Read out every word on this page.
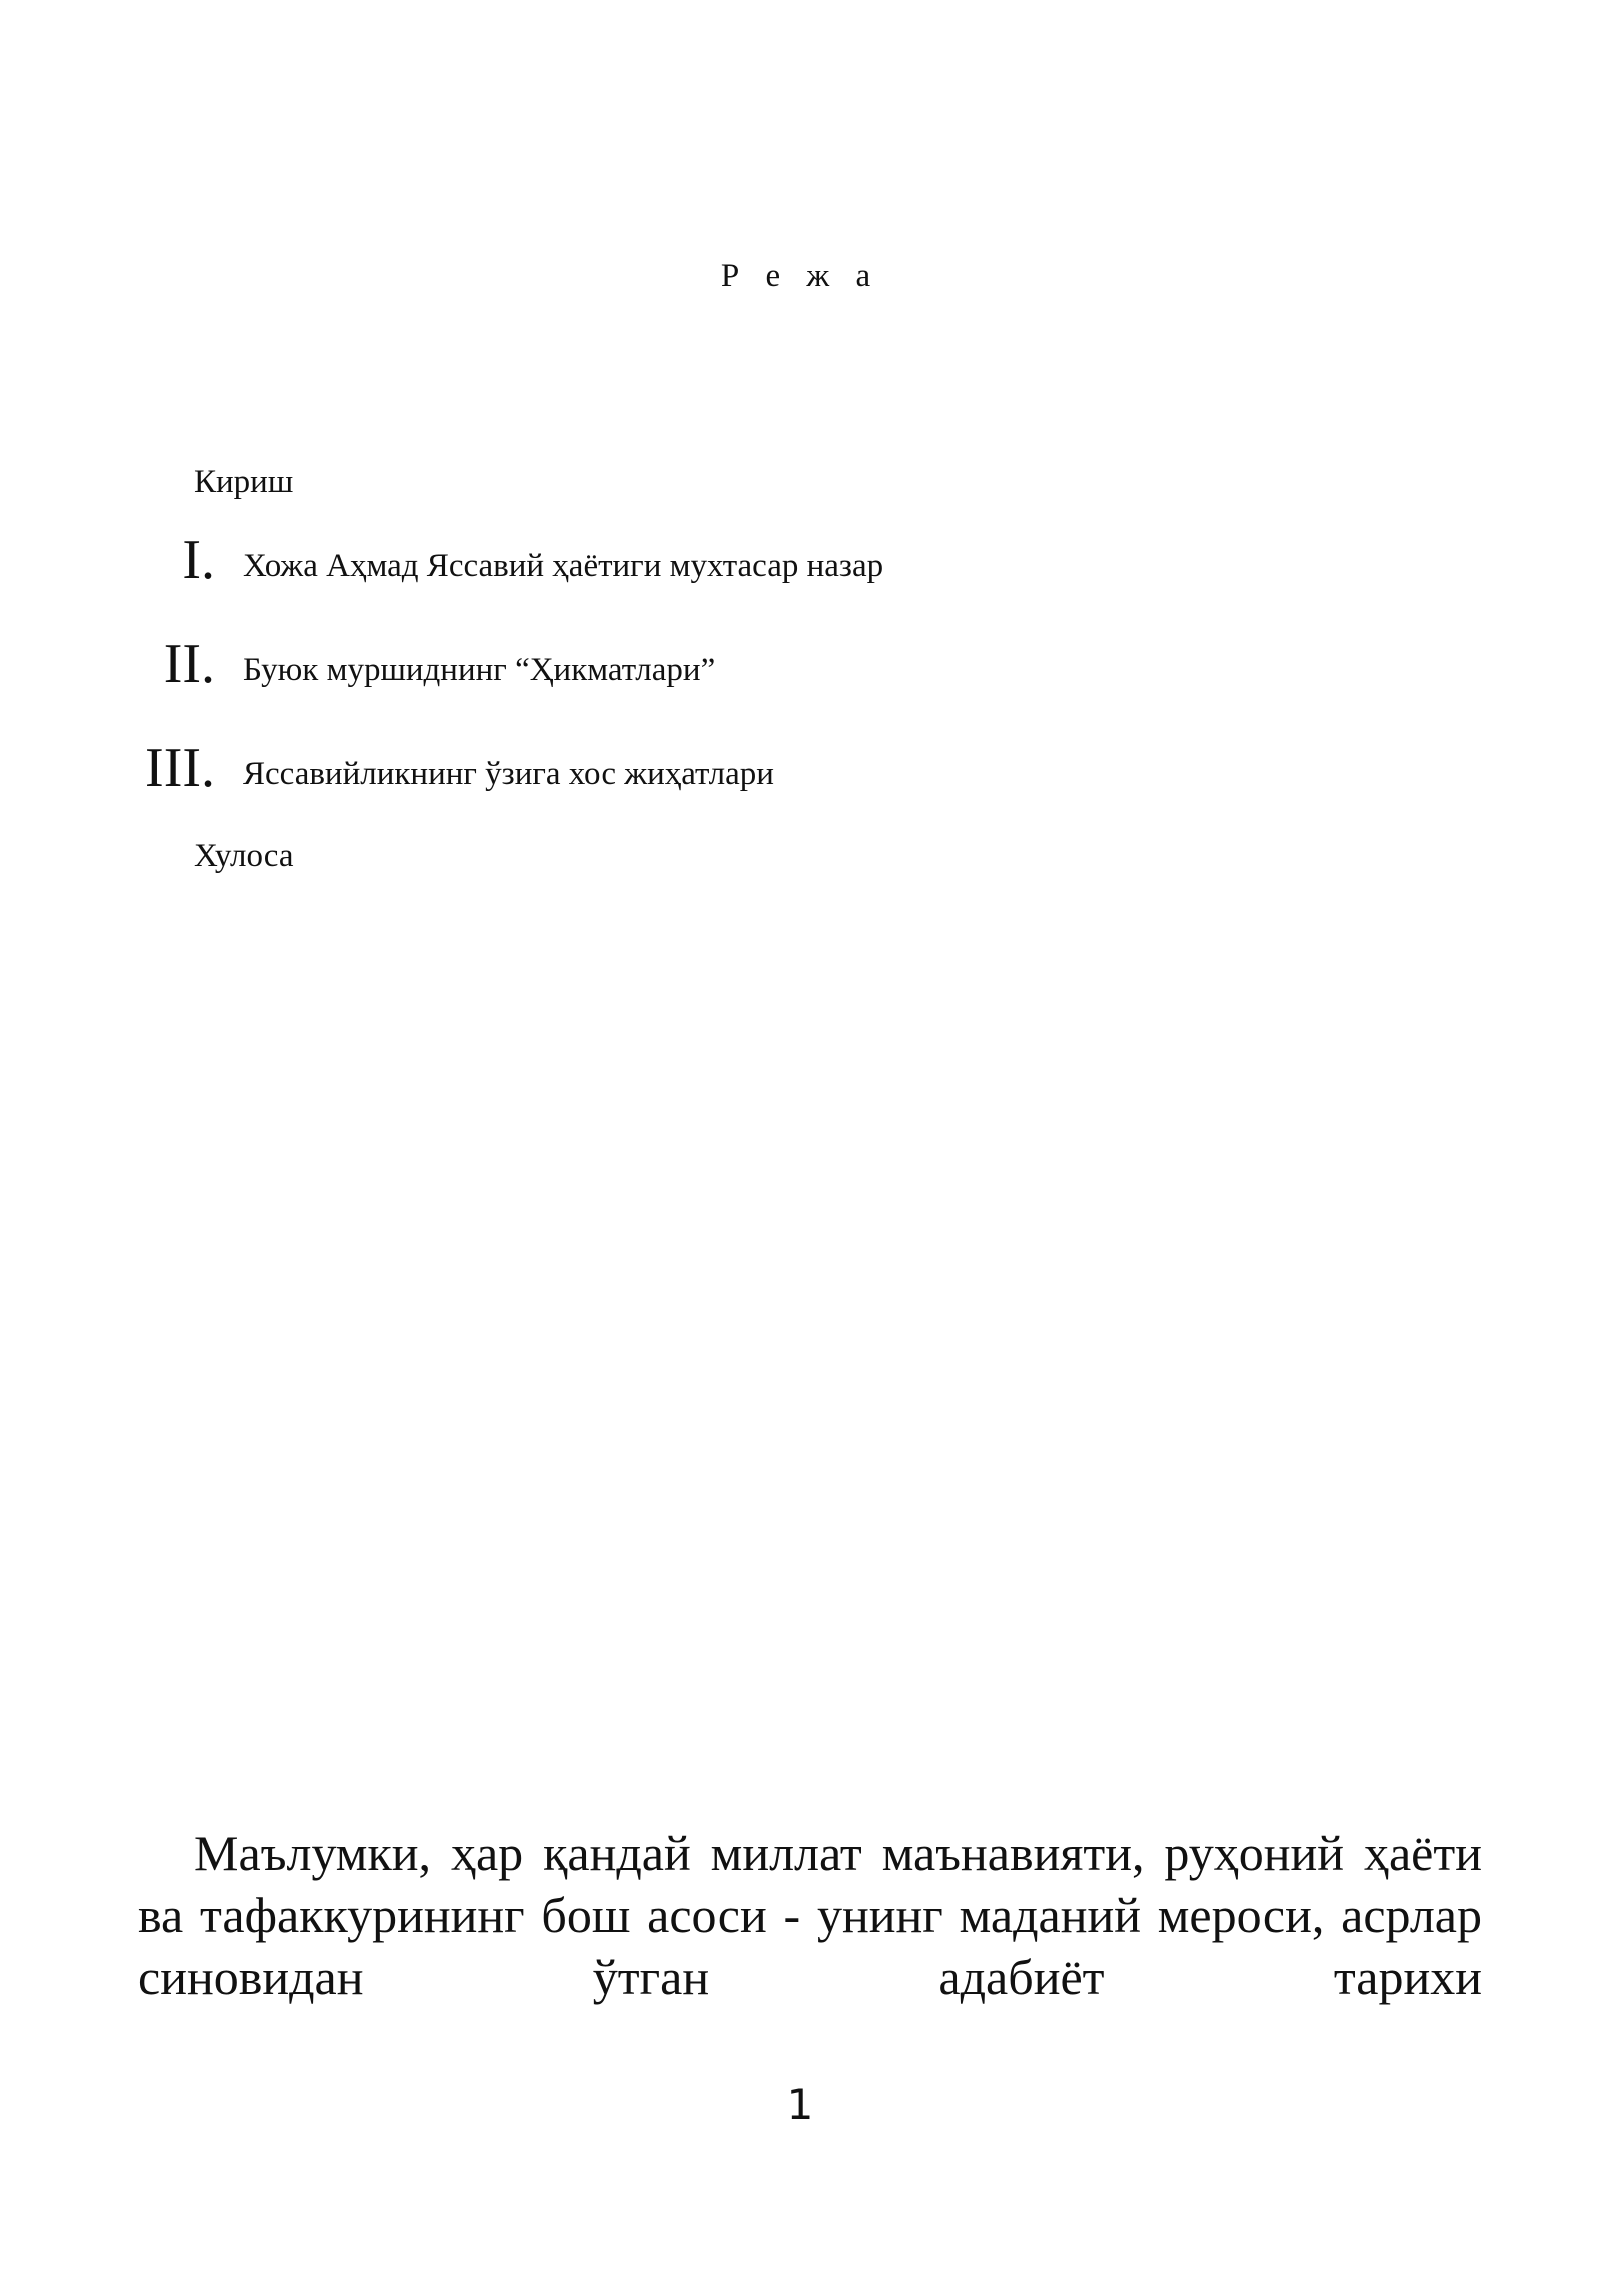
Р е ж а
Кириш
I. Хожа Аҳмад Яссавий ҳаётиги мухтасар назар
II. Буюк муршиднинг “Ҳикматлари”
III. Яссавийликнинг ўзига хос жиҳатлари
Хулоса

Маълумки, ҳар қандай миллат маънавияти, руҳоний ҳаёти ва тафаккурининг бош асоси - унинг маданий мероси, асрлар синовидан ўтган адабиёт тарихи

1
